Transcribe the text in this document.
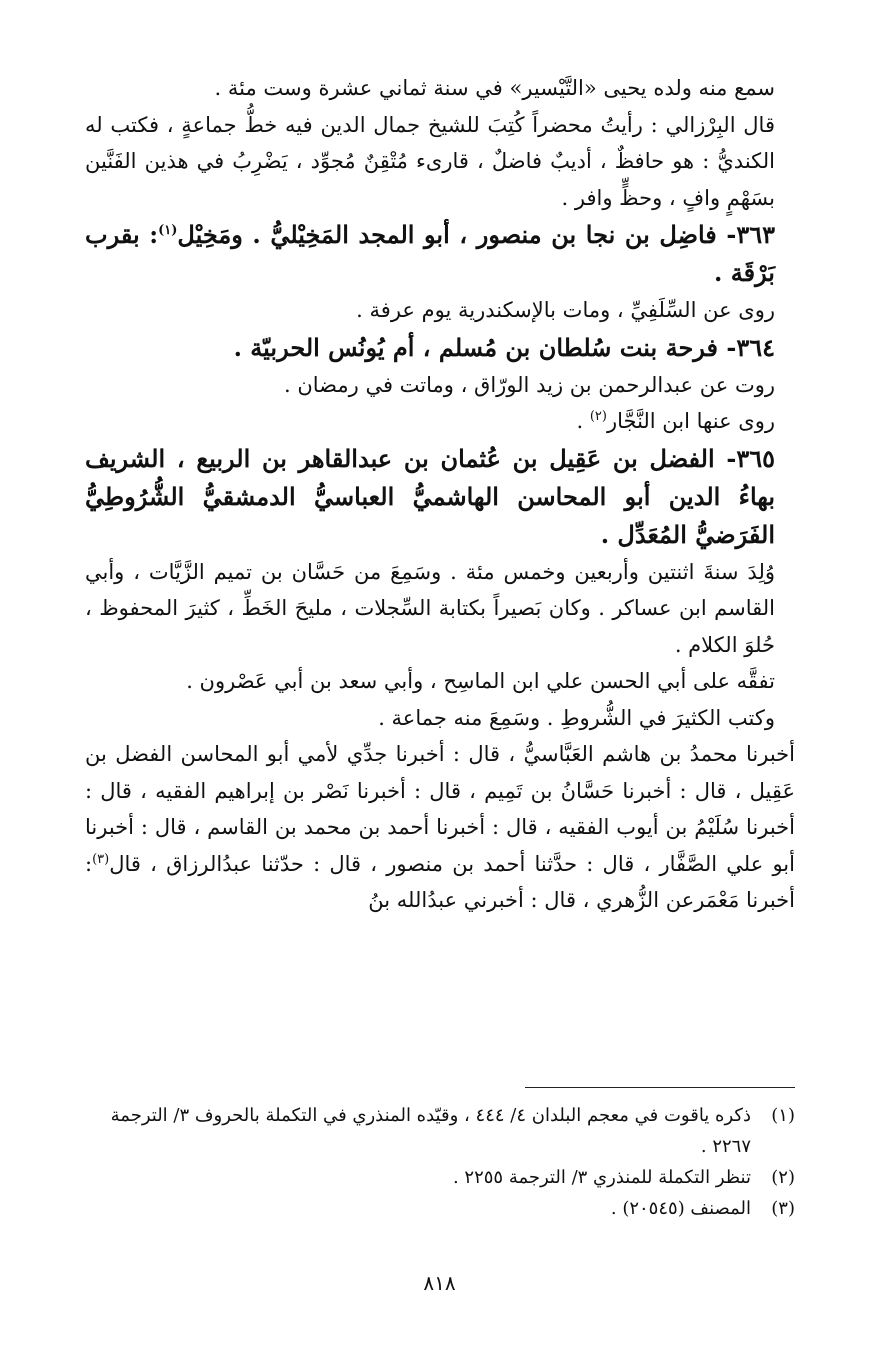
سمع منه ولده يحيى «التَّيْسير» في سنة ثماني عشرة وست مئة .

قال البِرْزالي : رأيتُ محضراً كُتِبَ للشيخ جمال الدين فيه خطُّ جماعةٍ ، فكتب له الكنديُّ : هو حافظٌ ، أديبٌ فاضلٌ ، قارىء مُتْقِنٌ مُجوِّد ، يَضْرِبُ في هذين الفَنَّين بسَهْمٍ وافٍ ، وحظٍّ وافر .

٣٦٣- فاضِل بن نجا بن منصور ، أبو المجد المَخِيْليُّ . ومَخِيْل$^{(١)}$: بقرب بَرْقَة .

روى عن السِّلَفِيِّ ، ومات بالإسكندرية يوم عرفة .

٣٦٤- فرحة بنت سُلطان بن مُسلم ، أم يُونُس الحربيّة .

روت عن عبدالرحمن بن زيد الورّاق ، وماتت في رمضان .

روى عنها ابن النَّجَّار$^{(٢)}$ .

٣٦٥- الفضل بن عَقِيل بن عُثمان بن عبدالقاهر بن الربيع ، الشريف بهاءُ الدين أبو المحاسن الهاشميُّ العباسيُّ الدمشقيُّ الشُّرُوطِيُّ الفَرَضيُّ المُعَدِّل .

وُلِدَ سنةَ اثنتين وأربعين وخمس مئة . وسَمِعَ من حَسَّان بن تميم الزَّيَّات ، وأبي القاسم ابن عساكر . وكان بَصيراً بكتابة السِّجلات ، مليحَ الخَطِّ ، كثيرَ المحفوظ ، حُلوَ الكلام .

تفقَّه على أبي الحسن علي ابن الماسِح ، وأبي سعد بن أبي عَصْرون .

وكتب الكثيرَ في الشُّروطِ . وسَمِعَ منه جماعة .

أخبرنا محمدُ بن هاشم العَبَّاسيُّ ، قال : أخبرنا جدِّي لأمي أبو المحاسن الفضل بن عَقِيل ، قال : أخبرنا حَسَّانُ بن تَمِيم ، قال : أخبرنا نَصْر بن إبراهيم الفقيه ، قال : أخبرنا سُلَيْمُ بن أيوب الفقيه ، قال : أخبرنا أحمد بن محمد بن القاسم ، قال : أخبرنا أبو علي الصَّفَّار ، قال : حدَّثنا أحمد بن منصور ، قال : حدّثنا عبدُالرزاق ، قال$^{(٣)}$: أخبرنا مَعْمَرعن الزُّهري ، قال : أخبرني عبدُالله بنُ

(١)
ذكره ياقوت في معجم البلدان ٤/ ٤٤٤ ، وقيّده المنذري في التكملة بالحروف ٣/ الترجمة ٢٢٦٧ .
(٢)
تنظر التكملة للمنذري ٣/ الترجمة ٢٢٥٥ .
(٣)
المصنف (٢٠٥٤٥) .
٨١٨
